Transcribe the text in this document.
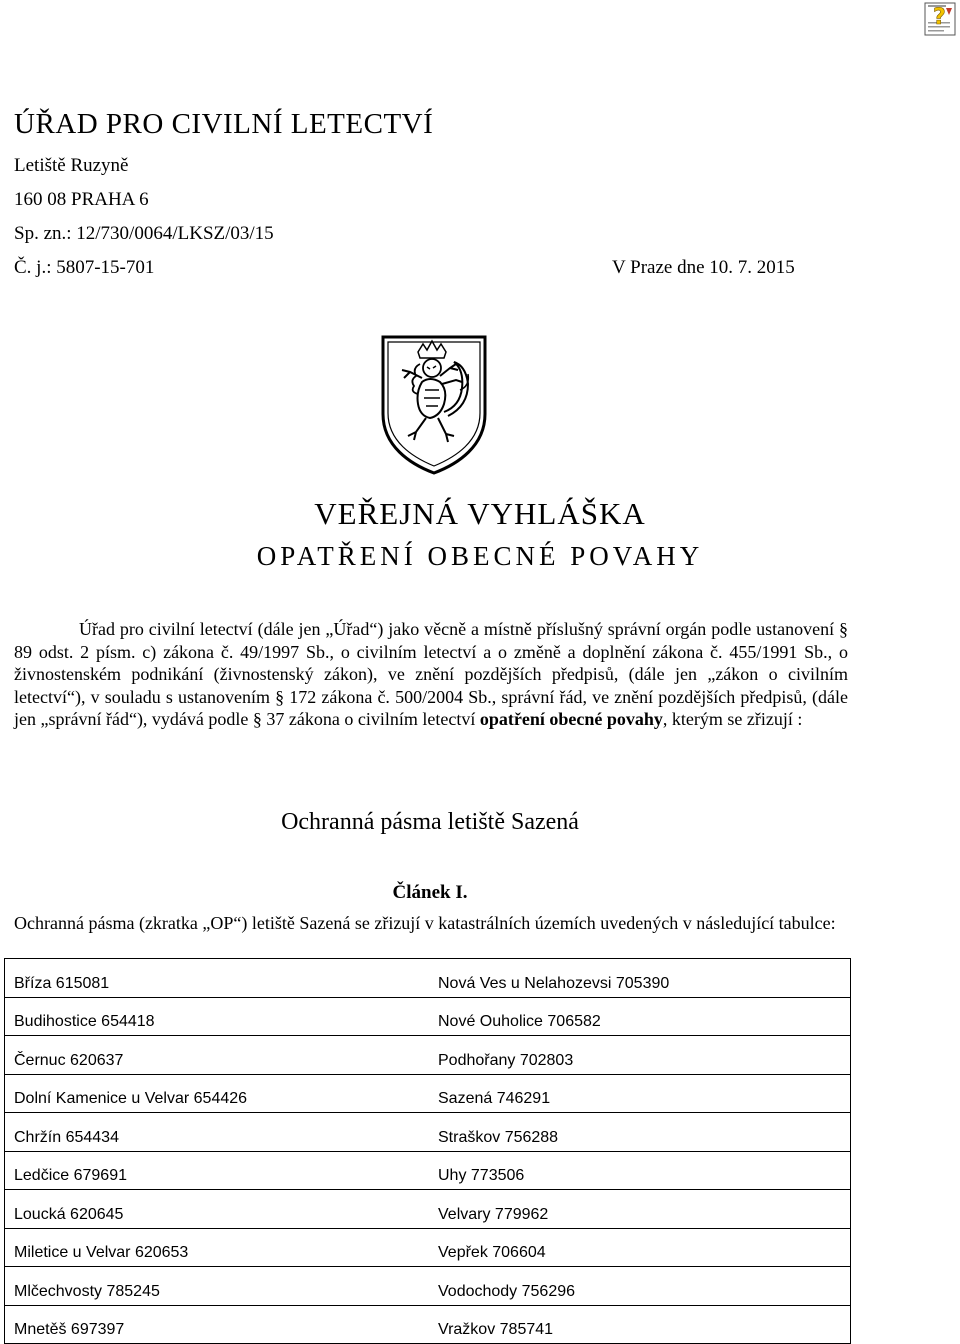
?
ÚŘAD PRO CIVILNÍ LETECTVÍ
Letiště Ruzyně
160 08 PRAHA 6
Sp. zn.: 12/730/0064/LKSZ/03/15
Č. j.: 5807-15-701	V Praze dne 10. 7. 2015
VEŘEJNÁ VYHLÁŠKA
OPATŘENÍ OBECNÉ POVAHY
Úřad pro civilní letectví (dále jen „Úřad“) jako věcně a místně příslušný správní orgán podle ustanovení § 89 odst. 2 písm. c) zákona č. 49/1997 Sb., o civilním letectví a o změně a doplnění zákona č. 455/1991 Sb., o živnostenském podnikání (živnostenský zákon), ve znění pozdějších předpisů, (dále jen „zákon o civilním letectví“), v souladu s ustanovením § 172 zákona č. 500/2004 Sb., správní řád, ve znění pozdějších předpisů, (dále jen „správní řád“), vydává podle § 37 zákona o civilním letectví opatření obecné povahy, kterým se zřizují :
Ochranná pásma letiště Sazená
Článek I.
Ochranná pásma (zkratka „OP“) letiště Sazená se zřizují v katastrálních územích uvedených v následující tabulce:
Bříza 615081	Nová Ves u Nelahozevsi 705390
Budihostice 654418	Nové Ouholice 706582
Černuc 620637	Podhořany 702803
Dolní Kamenice u Velvar 654426	Sazená 746291
Chržín 654434	Straškov 756288
Ledčice 679691	Uhy 773506
Loucká 620645	Velvary 779962
Miletice u Velvar 620653	Vepřek 706604
Mlčechvosty 785245	Vodochody 756296
Mnetěš 697397	Vražkov 785741
